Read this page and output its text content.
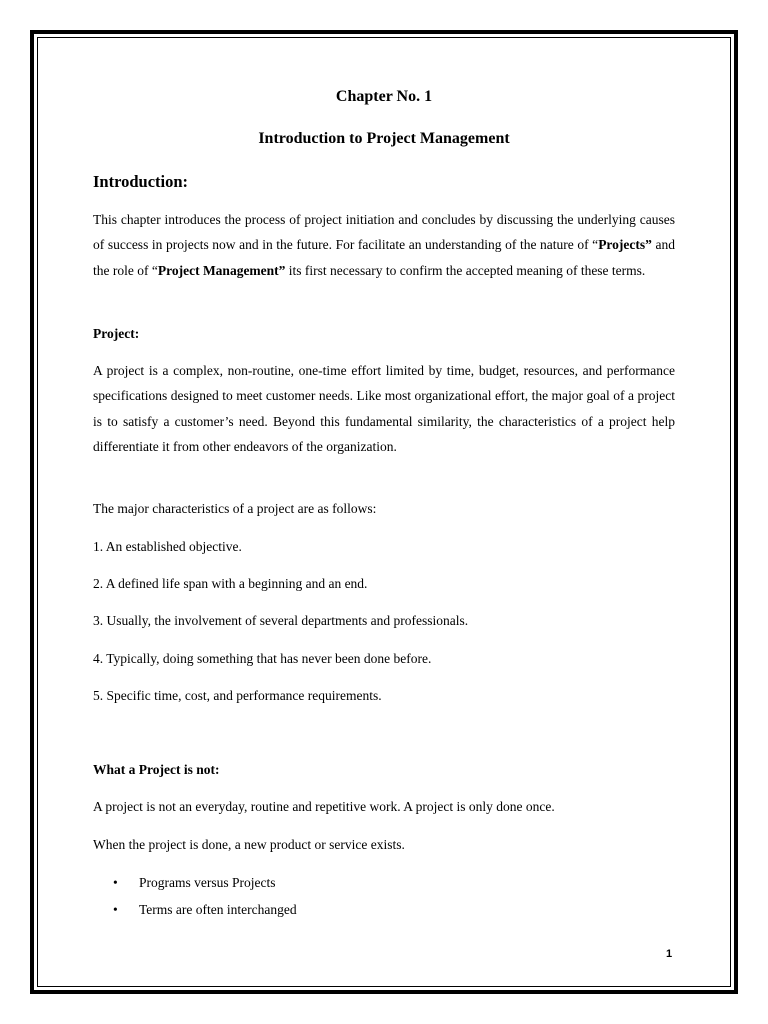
Chapter No. 1
Introduction to Project Management
Introduction:
This chapter introduces the process of project initiation and concludes by discussing the underlying causes of success in projects now and in the future. For facilitate an understanding of the nature of “Projects” and the role of “Project Management” its first necessary to confirm the accepted meaning of these terms.
Project:
A project is a complex, non-routine, one-time effort limited by time, budget, resources, and performance specifications designed to meet customer needs. Like most organizational effort, the major goal of a project is to satisfy a customer’s need. Beyond this fundamental similarity, the characteristics of a project help differentiate it from other endeavors of the organization.
The major characteristics of a project are as follows:
1. An established objective.
2. A defined life span with a beginning and an end.
3. Usually, the involvement of several departments and professionals.
4. Typically, doing something that has never been done before.
5. Specific time, cost, and performance requirements.
What a Project is not:
A project is not an everyday, routine and repetitive work. A project is only done once.
When the project is done, a new product or service exists.
• Programs versus Projects
• Terms are often interchanged
1
